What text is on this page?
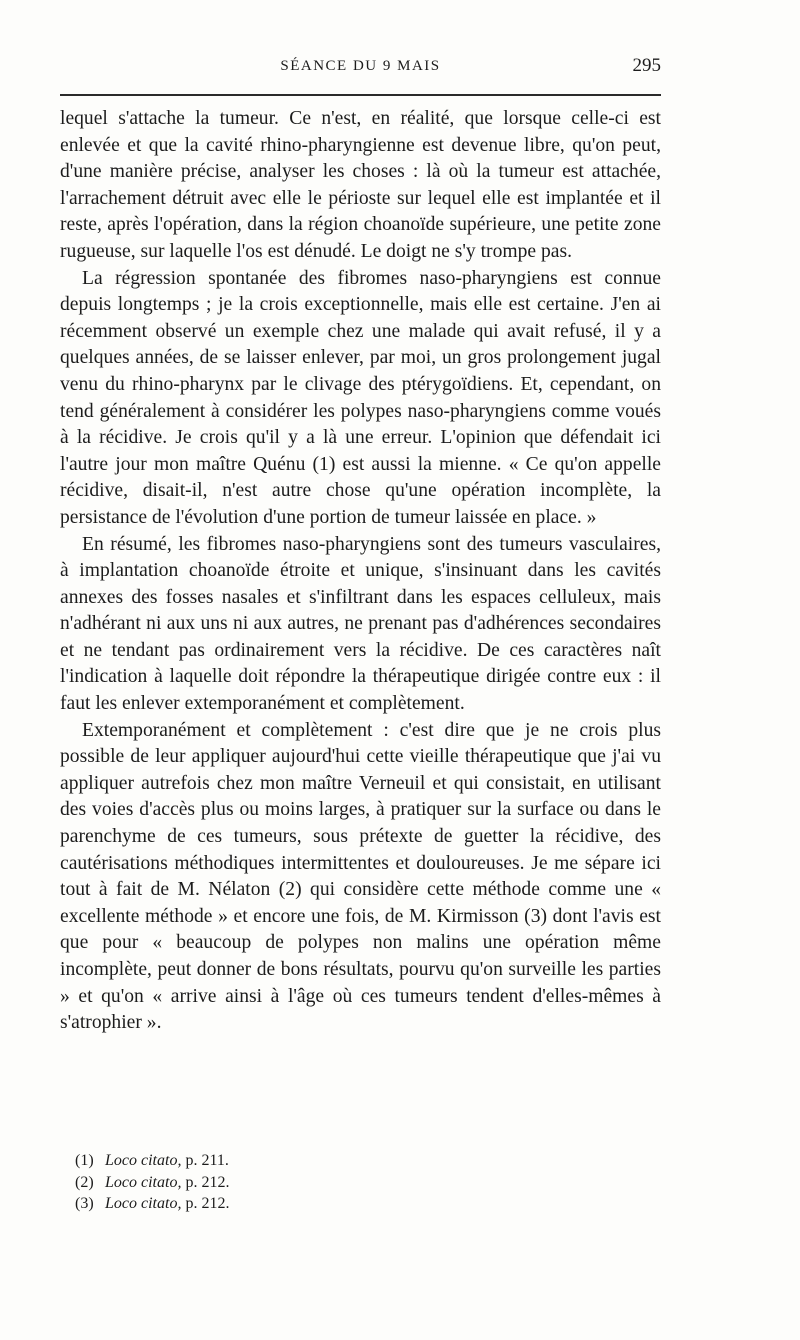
SÉANCE DU 9 MAIS	295

lequel s'attache la tumeur. Ce n'est, en réalité, que lorsque celle-ci est enlevée et que la cavité rhino-pharyngienne est devenue libre, qu'on peut, d'une manière précise, analyser les choses : là où la tumeur est attachée, l'arrachement détruit avec elle le périoste sur lequel elle est implantée et il reste, après l'opération, dans la région choanoïde supérieure, une petite zone rugueuse, sur laquelle l'os est dénudé. Le doigt ne s'y trompe pas.

La régression spontanée des fibromes naso-pharyngiens est connue depuis longtemps ; je la crois exceptionnelle, mais elle est certaine. J'en ai récemment observé un exemple chez une malade qui avait refusé, il y a quelques années, de se laisser enlever, par moi, un gros prolongement jugal venu du rhino-pharynx par le clivage des ptérygoïdiens. Et, cependant, on tend généralement à considérer les polypes naso-pharyngiens comme voués à la récidive. Je crois qu'il y a là une erreur. L'opinion que défendait ici l'autre jour mon maître Quénu (1) est aussi la mienne. « Ce qu'on appelle récidive, disait-il, n'est autre chose qu'une opération incomplète, la persistance de l'évolution d'une portion de tumeur laissée en place. »

En résumé, les fibromes naso-pharyngiens sont des tumeurs vasculaires, à implantation choanoïde étroite et unique, s'insinuant dans les cavités annexes des fosses nasales et s'infiltrant dans les espaces celluleux, mais n'adhérant ni aux uns ni aux autres, ne prenant pas d'adhérences secondaires et ne tendant pas ordinairement vers la récidive. De ces caractères naît l'indication à laquelle doit répondre la thérapeutique dirigée contre eux : il faut les enlever extemporanément et complètement.

Extemporanément et complètement : c'est dire que je ne crois plus possible de leur appliquer aujourd'hui cette vieille thérapeutique que j'ai vu appliquer autrefois chez mon maître Verneuil et qui consistait, en utilisant des voies d'accès plus ou moins larges, à pratiquer sur la surface ou dans le parenchyme de ces tumeurs, sous prétexte de guetter la récidive, des cautérisations méthodiques intermittentes et douloureuses. Je me sépare ici tout à fait de M. Nélaton (2) qui considère cette méthode comme une « excellente méthode » et encore une fois, de M. Kirmisson (3) dont l'avis est que pour « beaucoup de polypes non malins une opération même incomplète, peut donner de bons résultats, pourvu qu'on surveille les parties » et qu'on « arrive ainsi à l'âge où ces tumeurs tendent d'elles-mêmes à s'atrophier ».

(1) Loco citato, p. 211.
(2) Loco citato, p. 212.
(3) Loco citato, p. 212.
